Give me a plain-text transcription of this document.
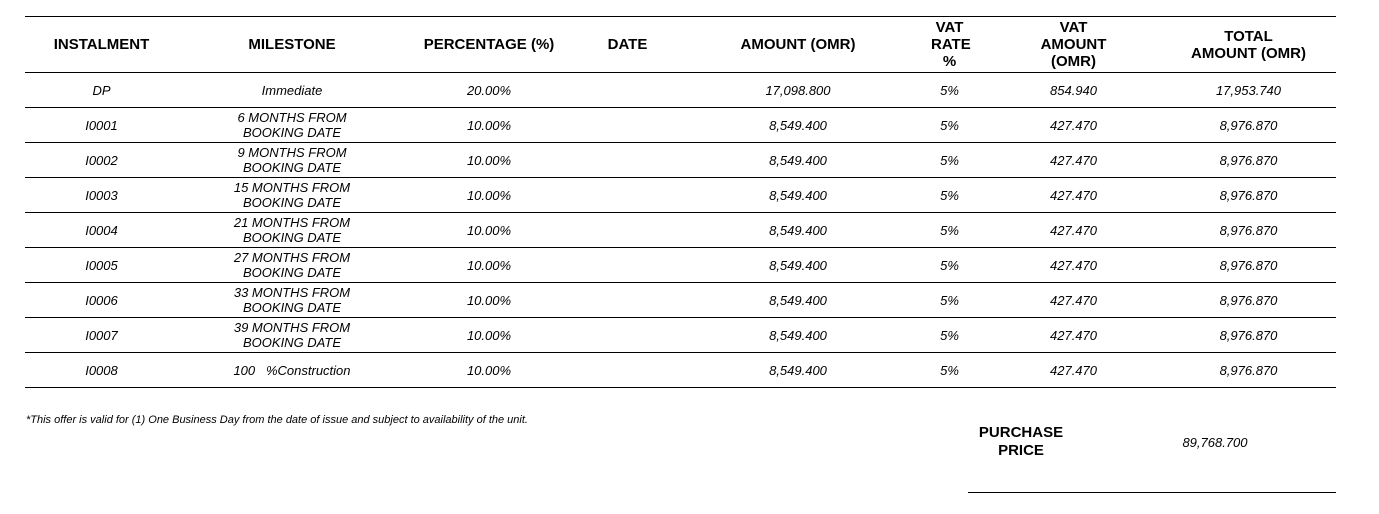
INSTALMENT	MILESTONE	PERCENTAGE (%)	DATE	AMOUNT (OMR)	VAT RATE %	VAT AMOUNT (OMR)	TOTAL AMOUNT (OMR)
DP	Immediate	20.00%		17,098.800	5%	854.940	17,953.740
I0001	6 MONTHS FROM BOOKING DATE	10.00%		8,549.400	5%	427.470	8,976.870
I0002	9 MONTHS FROM BOOKING DATE	10.00%		8,549.400	5%	427.470	8,976.870
I0003	15 MONTHS FROM BOOKING DATE	10.00%		8,549.400	5%	427.470	8,976.870
I0004	21 MONTHS FROM BOOKING DATE	10.00%		8,549.400	5%	427.470	8,976.870
I0005	27 MONTHS FROM BOOKING DATE	10.00%		8,549.400	5%	427.470	8,976.870
I0006	33 MONTHS FROM BOOKING DATE	10.00%		8,549.400	5%	427.470	8,976.870
I0007	39 MONTHS FROM BOOKING DATE	10.00%		8,549.400	5%	427.470	8,976.870
I0008	100   %Construction	10.00%		8,549.400	5%	427.470	8,976.870
*This offer is valid for (1) One Business Day from the date of issue and subject to availability of the unit.
PURCHASE PRICE	89,768.700
